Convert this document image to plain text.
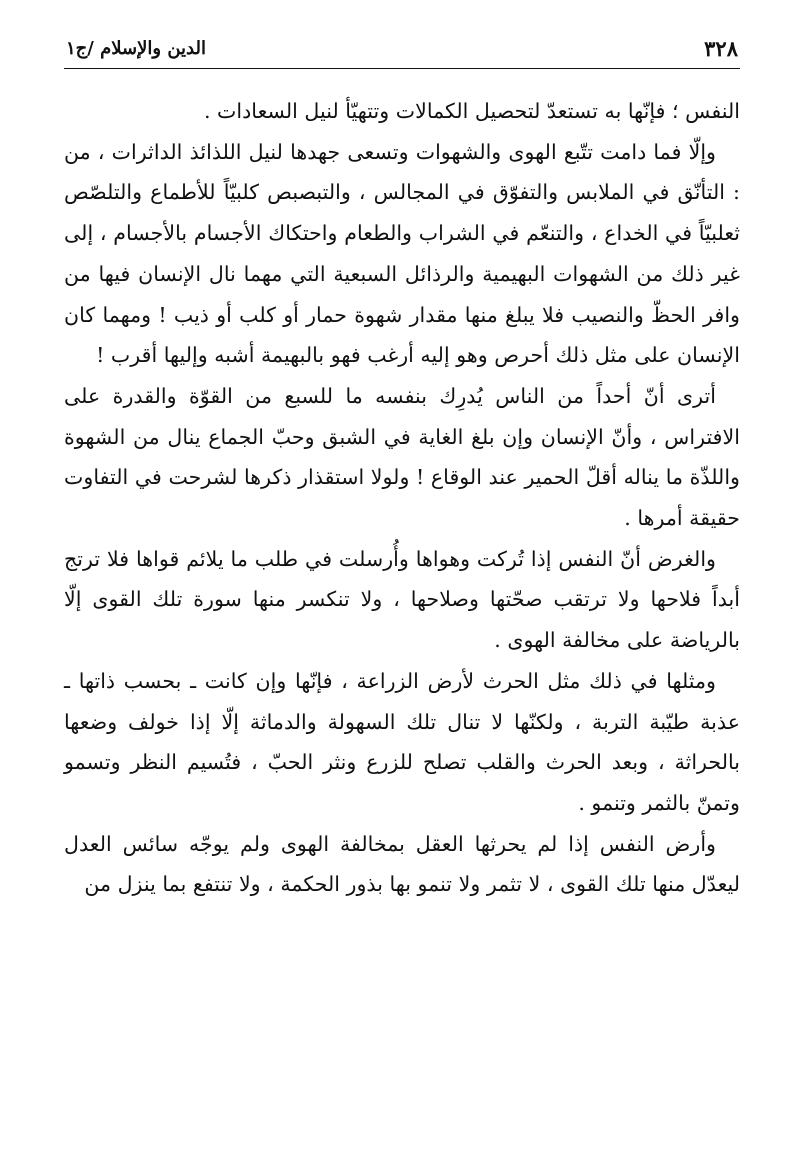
٣٢٨
الدين والإسلام /ج١

النفس ؛ فإنّها به تستعدّ لتحصيل الكمالات وتتهيّأ لنيل السعادات .

وإلّا فما دامت تتّبع الهوى والشهوات وتسعى جهدها لنيل اللذائذ الداثرات ، من : التأنّق في الملابس والتفوّق في المجالس ، والتبصبص كلبيّاً للأطماع والتلصّص ثعلبيّاً في الخداع ، والتنعّم في الشراب والطعام واحتكاك الأجسام بالأجسام ، إلى غير ذلك من الشهوات البهيمية والرذائل السبعية التي مهما نال الإنسان فيها من وافر الحظّ والنصيب فلا يبلغ منها مقدار شهوة حمار أو كلب أو ذيب ! ومهما كان الإنسان على مثل ذلك أحرص وهو إليه أرغب فهو بالبهيمة أشبه وإليها أقرب !

أترى أنّ أحداً من الناس يُدرِك بنفسه ما للسبع من القوّة والقدرة على الافتراس ، وأنّ الإنسان وإن بلغ الغاية في الشبق وحبّ الجماع ينال من الشهوة واللذّة ما يناله أقلّ الحمير عند الوقاع ! ولولا استقذار ذكرها لشرحت في التفاوت حقيقة أمرها .

والغرض أنّ النفس إذا تُركت وهواها وأُرسلت في طلب ما يلائم قواها فلا ترتج أبداً فلاحها ولا ترتقب صحّتها وصلاحها ، ولا تنكسر منها سورة تلك القوى إلّا بالرياضة على مخالفة الهوى .

ومثلها في ذلك مثل الحرث لأرض الزراعة ، فإنّها وإن كانت ـ بحسب ذاتها ـ عذبة طيّبة التربة ، ولكنّها لا تنال تلك السهولة والدماثة إلّا إذا خولف وضعها بالحراثة ، وبعد الحرث والقلب تصلح للزرع ونثر الحبّ ، فتُسيم النظر وتسمو وتمنّ بالثمر وتنمو .

وأرض النفس إذا لم يحرثها العقل بمخالفة الهوى ولم يوجّه سائس العدل ليعدّل منها تلك القوى ، لا تثمر ولا تنمو بها بذور الحكمة ، ولا تنتفع بما ينزل من
